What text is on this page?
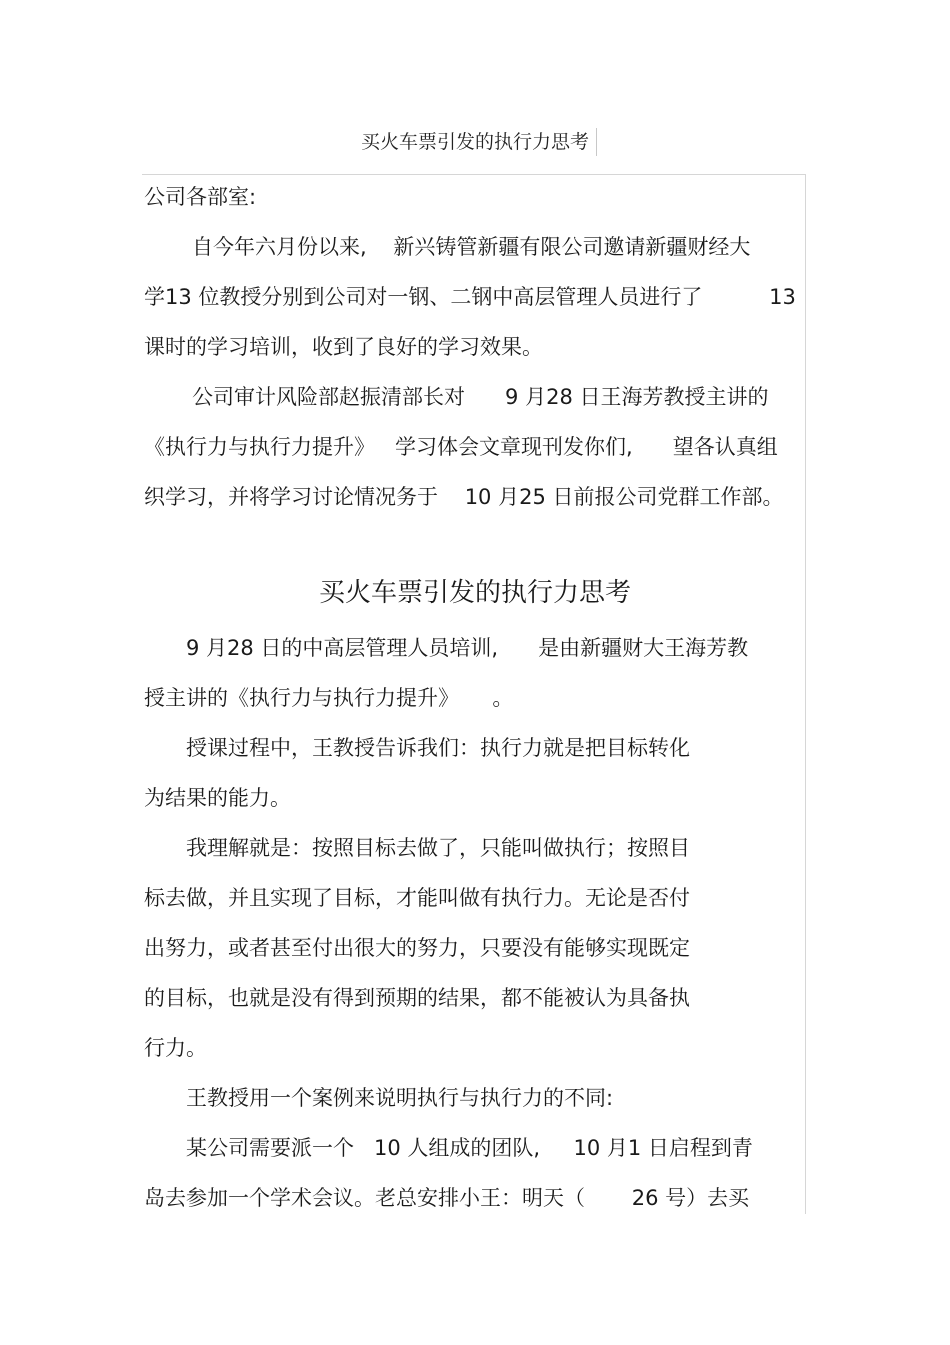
买火车票引发的执行力思考
公司各部室:
自今年六月份以来,    新兴铸管新疆有限公司邀请新疆财经大
学13 位教授分别到公司对一钢、二钢中高层管理人员进行了          13
课时的学习培训，收到了良好的学习效果。
公司审计风险部赵振清部长对      9 月28 日王海芳教授主讲的
《执行力与执行力提升》   学习体会文章现刊发你们,      望各认真组
织学习，并将学习讨论情况务于    10 月25 日前报公司党群工作部。
买火车票引发的执行力思考
9 月28 日的中高层管理人员培训,      是由新疆财大王海芳教
授主讲的《执行力与执行力提升》     。
授课过程中，王教授告诉我们：执行力就是把目标转化
为结果的能力。
我理解就是：按照目标去做了，只能叫做执行；按照目
标去做，并且实现了目标，才能叫做有执行力。无论是否付
出努力，或者甚至付出很大的努力，只要没有能够实现既定
的目标，也就是没有得到预期的结果，都不能被认为具备执
行力。
王教授用一个案例来说明执行与执行力的不同:
某公司需要派一个   10 人组成的团队,     10 月1 日启程到青
岛去参加一个学术会议。老总安排小王：明天（       26 号）去买
